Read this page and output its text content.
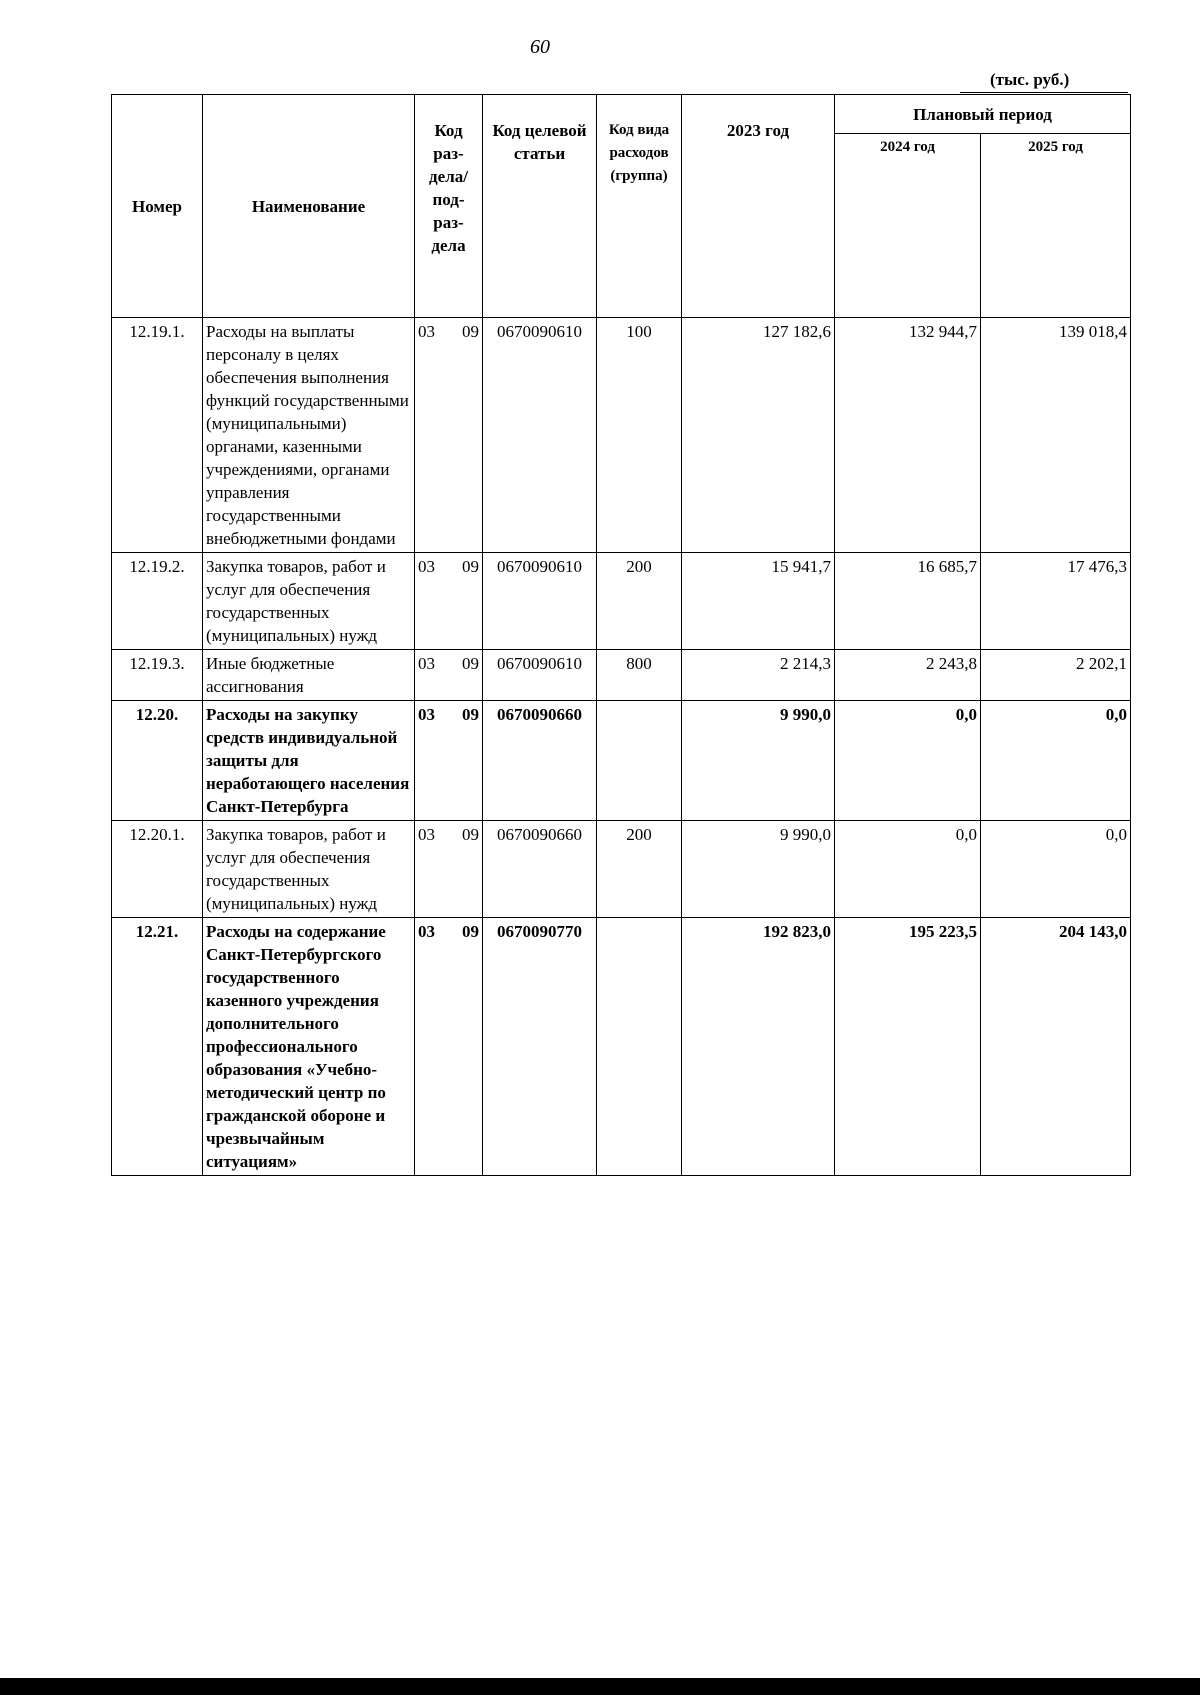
60
(тыс. руб.)
Номер	Наименование	Код раз-дела/ под-раз-дела	Код целевой статьи	Код вида расходов (группа)	2023 год	Плановый период	
						2024 год	2025 год
12.19.1.	Расходы на выплаты персоналу в целях обеспечения выполнения функций государственными (муниципальными) органами, казенными учреждениями, органами управления государственными внебюджетными фондами	03 09	0670090610	100	127 182,6	132 944,7	139 018,4
12.19.2.	Закупка товаров, работ и услуг для обеспечения государственных (муниципальных) нужд	03 09	0670090610	200	15 941,7	16 685,7	17 476,3
12.19.3.	Иные бюджетные ассигнования	03 09	0670090610	800	2 214,3	2 243,8	2 202,1
12.20.	Расходы на закупку средств индивидуальной защиты для неработающего населения Санкт-Петербурга	03 09	0670090660		9 990,0	0,0	0,0
12.20.1.	Закупка товаров, работ и услуг для обеспечения государственных (муниципальных) нужд	03 09	0670090660	200	9 990,0	0,0	0,0
12.21.	Расходы на содержание Санкт-Петербургского государственного казенного учреждения дополнительного профессионального образования «Учебно-методический центр по гражданской обороне и чрезвычайным ситуациям»	03 09	0670090770		192 823,0	195 223,5	204 143,0
